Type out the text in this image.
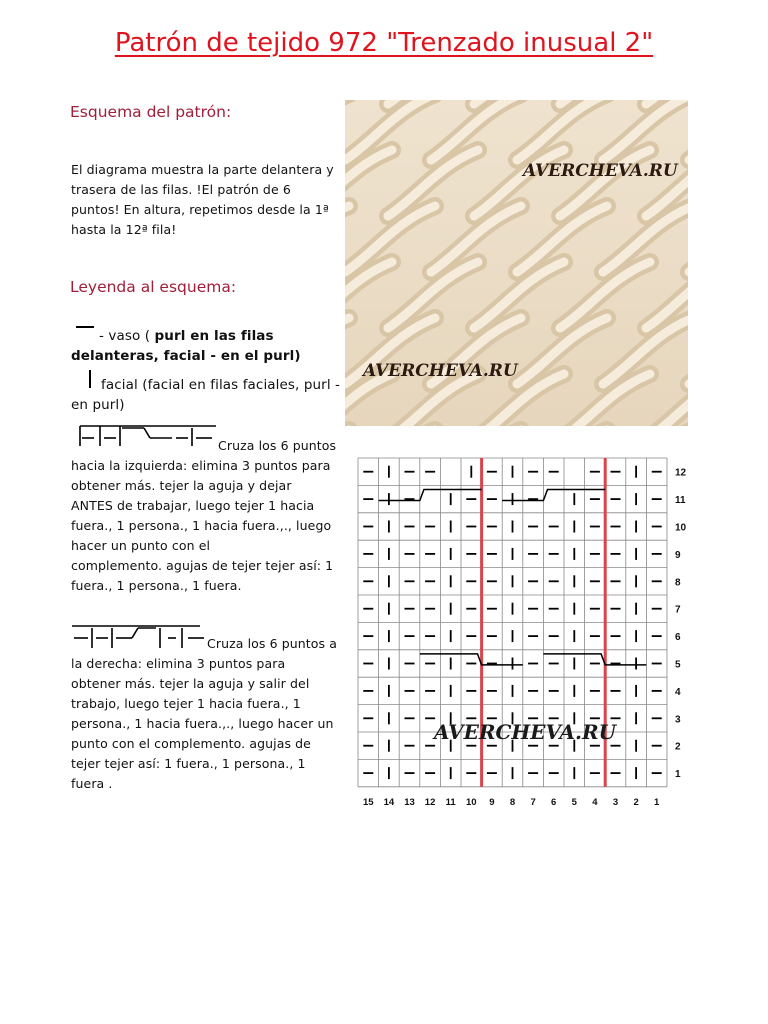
Patrón de tejido 972 "Trenzado inusual 2"
Esquema del patrón:
El diagrama muestra la parte delantera y
trasera de las filas. !El patrón de 6
puntos! En altura, repetimos desde la 1ª
hasta la 12ª fila!
Leyenda al esquema:
- vaso ( purl en las filas
delanteras, facial - en el purl)
facial (facial en filas faciales, purl -
en purl)
Cruza los 6 puntos
hacia la izquierda: elimina 3 puntos para
obtener más. tejer la aguja y dejar
ANTES de trabajar, luego tejer 1 hacia
fuera., 1 persona., 1 hacia fuera.,., luego
hacer un punto con el
complemento. agujas de tejer tejer así: 1
fuera., 1 persona., 1 fuera.
Cruza los 6 puntos a
la derecha: elimina 3 puntos para
obtener más. tejer la aguja y salir del
trabajo, luego tejer 1 hacia fuera., 1
persona., 1 hacia fuera.,., luego hacer un
punto con el complemento. agujas de
tejer tejer así: 1 fuera., 1 persona., 1
fuera .
AVERCHEVA.RU
AVERCHEVA.RU
12
11
10
9
8
7
6
5
4
3
2
1
15 14 13 12 11 10 9 8 7 6 5 4 3 2 1
AVERCHEVA.RU
